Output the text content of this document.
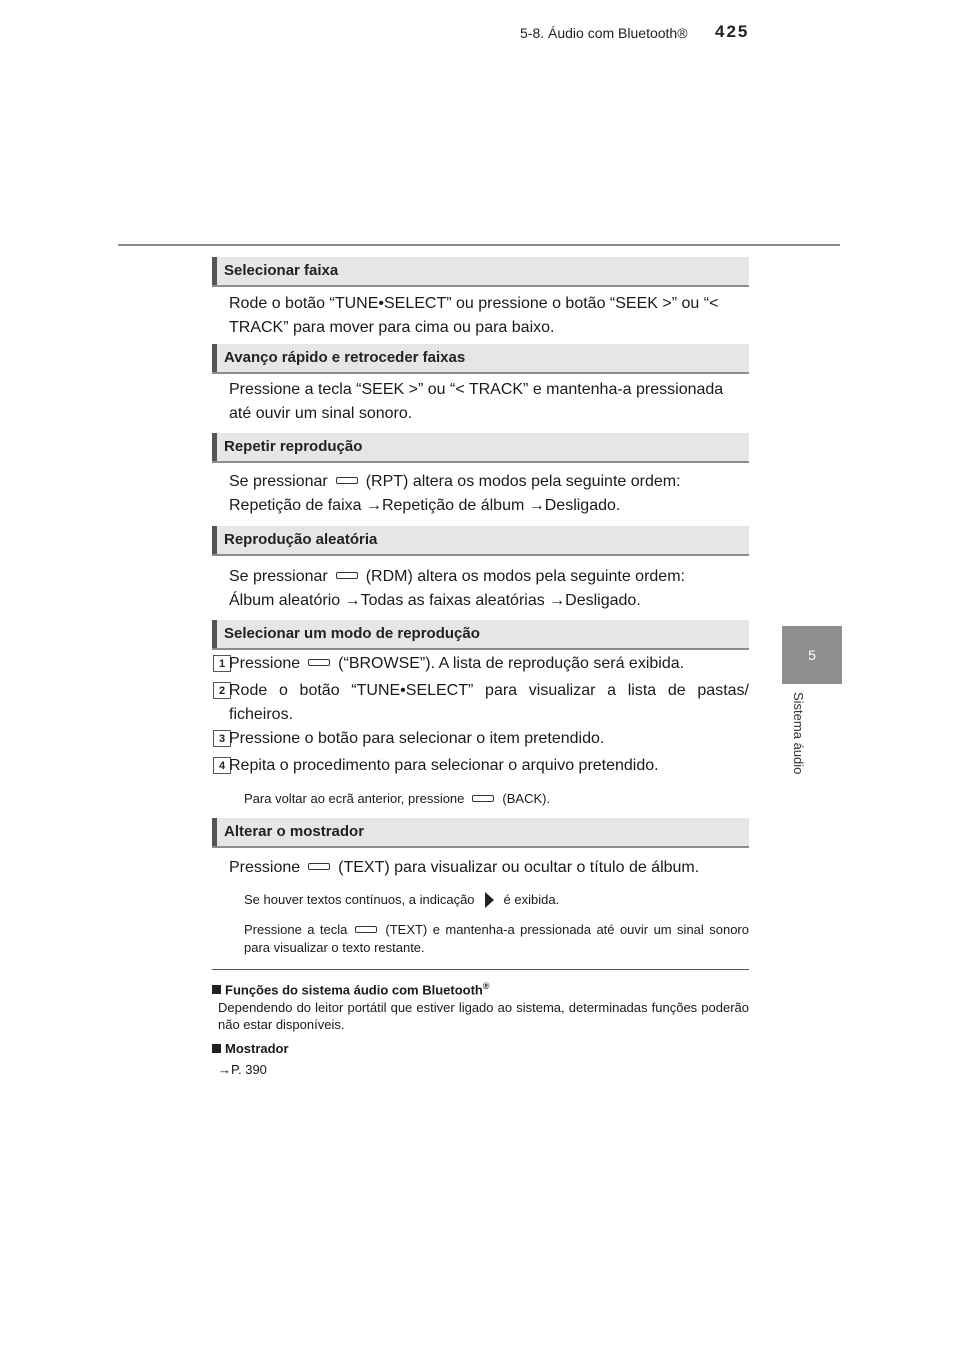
5-8. Áudio com Bluetooth®	425
5
Sistema áudio
Selecionar faixa
Rode o botão “TUNE•SELECT” ou pressione o botão “SEEK >” ou “< TRACK” para mover para cima ou para baixo.
Avanço rápido e retroceder faixas
Pressione a tecla “SEEK >” ou “< TRACK” e mantenha-a pressionada até ouvir um sinal sonoro.
Repetir reprodução
Se pressionar (RPT) altera os modos pela seguinte ordem:
Repetição de faixa →Repetição de álbum →Desligado.
Reprodução aleatória
Se pressionar (RDM) altera os modos pela seguinte ordem:
Álbum aleatório →Todas as faixas aleatórias →Desligado.
Selecionar um modo de reprodução
1 Pressione (“BROWSE”). A lista de reprodução será exibida.
2 Rode o botão “TUNE•SELECT” para visualizar a lista de pastas/ ficheiros.
3 Pressione o botão para selecionar o item pretendido.
4 Repita o procedimento para selecionar o arquivo pretendido.
Para voltar ao ecrã anterior, pressione	(BACK).
Alterar o mostrador
Pressione (TEXT) para visualizar ou ocultar o título de álbum.
Se houver textos contínuos, a indicação é exibida.
Pressione a tecla	(TEXT) e mantenha-a pressionada até ouvir um sinal sonoro para visualizar o texto restante.
Funções do sistema áudio com Bluetooth®
Dependendo do leitor portátil que estiver ligado ao sistema, determinadas funções poderão não estar disponíveis.
Mostrador
→P. 390
